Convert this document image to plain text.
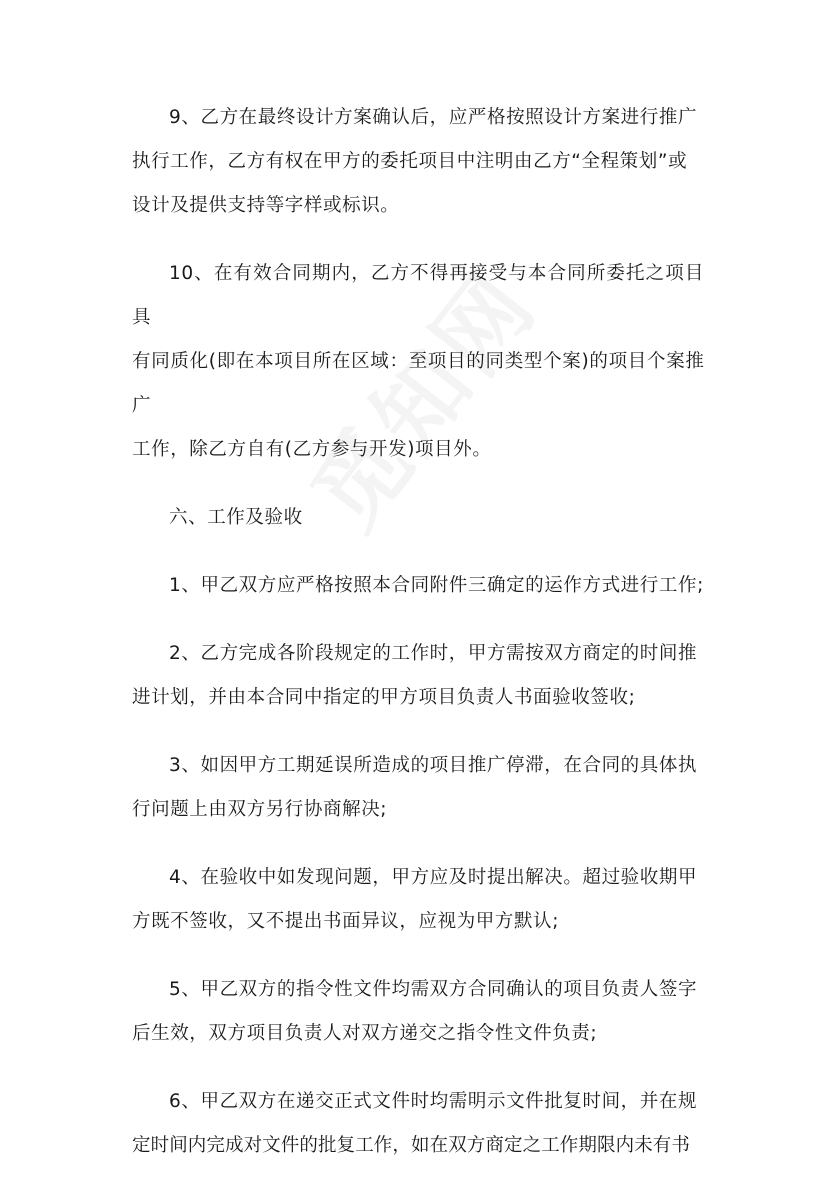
9、乙方在最终设计方案确认后，应严格按照设计方案进行推广
执行工作，乙方有权在甲方的委托项目中注明由乙方“全程策划”或
设计及提供支持等字样或标识。

10、在有效合同期内，乙方不得再接受与本合同所委托之项目具
有同质化(即在本项目所在区域：至项目的同类型个案)的项目个案推广
工作，除乙方自有(乙方参与开发)项目外。

六、工作及验收

1、甲乙双方应严格按照本合同附件三确定的运作方式进行工作;

2、乙方完成各阶段规定的工作时，甲方需按双方商定的时间推
进计划，并由本合同中指定的甲方项目负责人书面验收签收;

3、如因甲方工期延误所造成的项目推广停滞，在合同的具体执
行问题上由双方另行协商解决;

4、在验收中如发现问题，甲方应及时提出解决。超过验收期甲
方既不签收，又不提出书面异议，应视为甲方默认;

5、甲乙双方的指令性文件均需双方合同确认的项目负责人签字
后生效，双方项目负责人对双方递交之指令性文件负责;

6、甲乙双方在递交正式文件时均需明示文件批复时间，并在规
定时间内完成对文件的批复工作，如在双方商定之工作期限内未有书
